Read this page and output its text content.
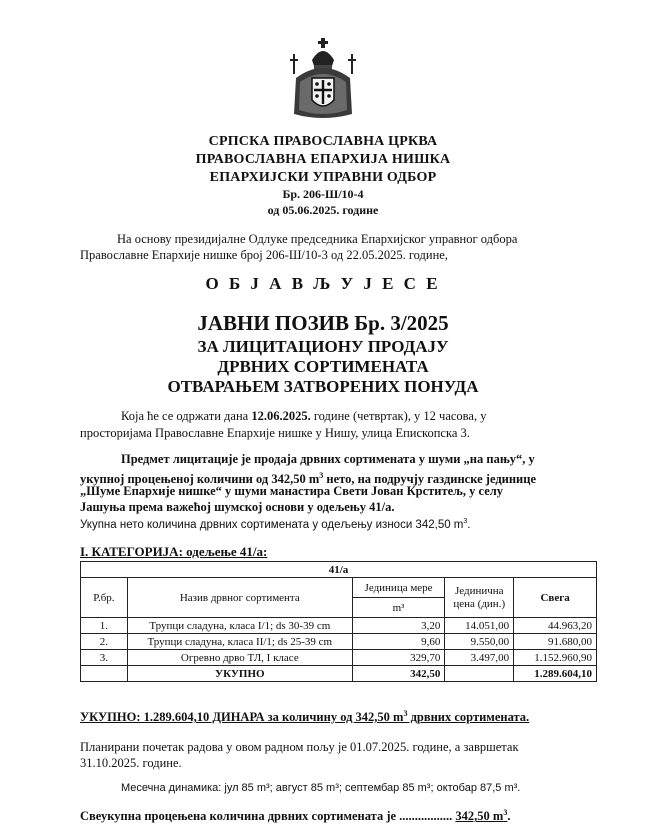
СРПСКА ПРАВОСЛАВНА ЦРКВА
ПРАВОСЛАВНА ЕПАРХИЈА НИШКА
ЕПАРХИЈСКИ УПРАВНИ ОДБОР
Бр. 206-Ш/10-4
од 05.06.2025. године
На основу президијалне Одлуке председника Епархијског управног одбора
Православне Епархије нишке број 206-Ш/10-3 од 22.05.2025. године,
О Б Ј А В Љ У Ј Е С Е
ЈАВНИ ПОЗИВ Бр. 3/2025
ЗА ЛИЦИТАЦИОНУ ПРОДАЈУ
ДРВНИХ СОРТИМЕНАТА
ОТВАРАЊЕМ ЗАТВОРЕНИХ ПОНУДА
Која ће се одржати дана 12.06.2025. године (четвртак), у 12 часова, у
просторијама Православне Епархије нишке у Нишу, улица Епископска 3.
Предмет лицитације је продаја дрвних сортимената у шуми „на пању“, у
укупној процењеној количини од 342,50 $m^3$ нето, на подручју газдинске јединице
„Шуме Епархије нишке“ у шуми манастира Свети Јован Крститељ, у селу
Јашуња према важећој шумској основи у одељењу 41/а.
Укупна нето количина дрвних сортимената у одељењу износи 342,50 $m^3$.
I. КАТЕГОРИЈА: одељење 41/а:
41/а				
Р.бр.	Назив дрвног сортимента	Јединица мере	Јединична цена (дин.)	Свега
		m³		
1.	Трупци сладуна, класа I/1; ds 30-39 cm	3,20	14.051,00	44.963,20
2.	Трупци сладуна, класа II/1; ds 25-39 cm	9,60	9.550,00	91.680,00
3.	Огревно дрво ТЛ, I класе	329,70	3.497,00	1.152.960,90
	УКУПНО	342,50		1.289.604,10
УКУПНО: 1.289.604,10 ДИНАРА за количину од 342,50 $m^3$ дрвних сортимената.
Планирани почетак радова у овом радном пољу је 01.07.2025. године, а завршетак
31.10.2025. године.
Месечна динамика: јул 85 m³; август 85 m³; септембар 85 m³; октобар 87,5 m³.
Свеукупна процењена количина дрвних сортимената је ................. 342,50 $m^3$.
